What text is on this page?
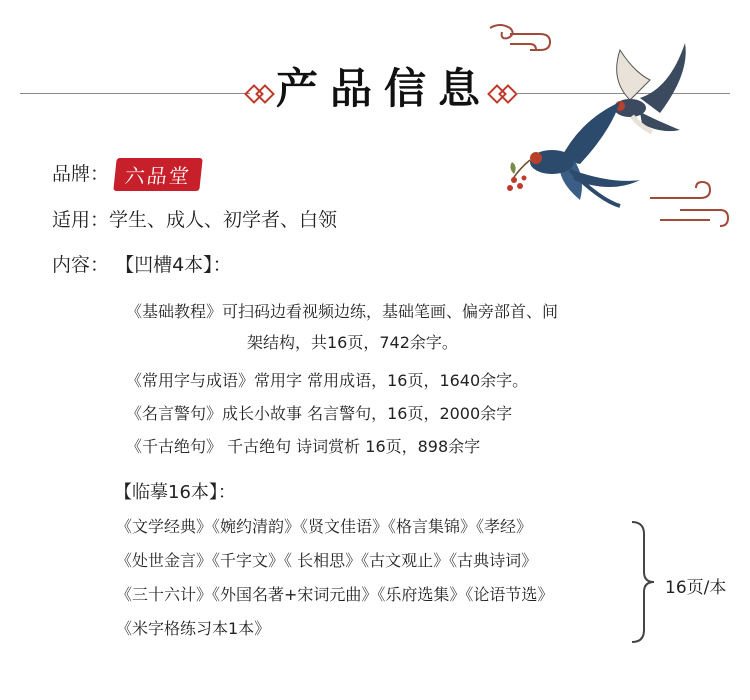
产品信息
品牌： 六品堂
适用：学生、成人、初学者、白领
内容： 【凹槽4本】：
《基础教程》可扫码边看视频边练，基础笔画、偏旁部首、间
架结构，共16页，742余字。
《常用字与成语》常用字 常用成语，16页，1640余字。
《名言警句》成长小故事 名言警句，16页，2000余字
《千古绝句》 千古绝句 诗词赏析 16页，898余字
【临摹16本】：
《文学经典》《婉约清韵》《贤文佳语》《格言集锦》《孝经》
《处世金言》《千字文》《 长相思》《古文观止》《古典诗词》
《三十六计》《外国名著+宋词元曲》《乐府选集》《论语节选》
《米字格练习本1本》
16页/本
